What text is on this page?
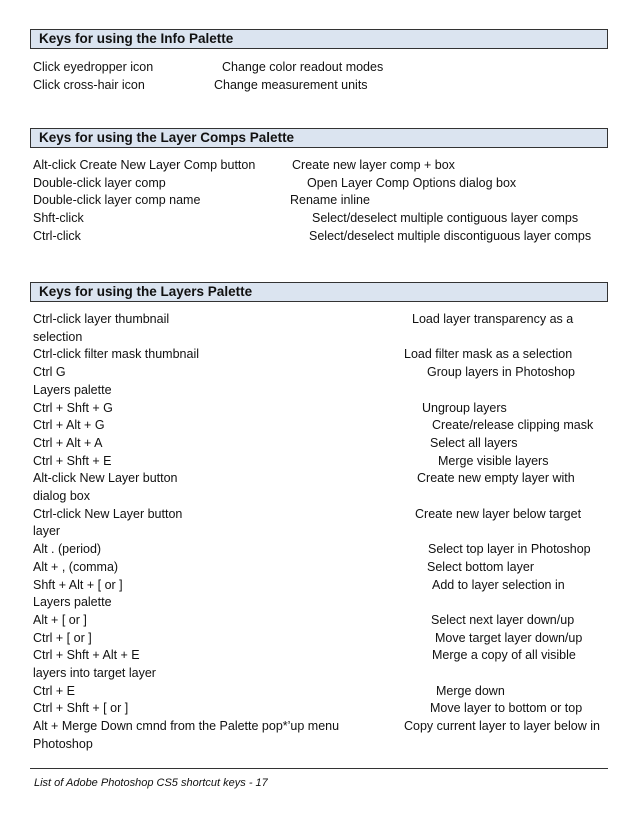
Keys for using the Info Palette
Click eyedropper icon	Change color readout modes
Click cross-hair icon	Change measurement units
Keys for using the Layer Comps Palette
Alt-click Create New Layer Comp button	Create new layer comp + box
Double-click layer comp	Open Layer Comp Options dialog box
Double-click layer comp name	Rename inline
Shft-click	Select/deselect multiple contiguous layer comps
Ctrl-click	Select/deselect multiple discontiguous layer comps
Keys for using the Layers Palette
Ctrl-click layer thumbnail	Load layer transparency as a
selection
Ctrl-click filter mask thumbnail	Load filter mask as a selection
Ctrl G	Group layers in Photoshop
Layers palette
Ctrl + Shft + G	Ungroup layers
Ctrl + Alt + G	Create/release clipping mask
Ctrl + Alt + A	Select all layers
Ctrl + Shft + E	Merge visible layers
Alt-click New Layer button	Create new empty layer with
dialog box
Ctrl-click New Layer button	Create new layer below target
layer
Alt . (period)	Select top layer in Photoshop
Alt + , (comma)	Select bottom layer
Shft + Alt + [ or ]	Add to layer selection in
Layers palette
Alt + [ or ]	Select next layer down/up
Ctrl + [ or ]	Move target layer down/up
Ctrl + Shft + Alt + E	Merge a copy of all visible
layers into target layer
Ctrl + E	Merge down
Ctrl + Shft + [ or ]	Move layer to bottom or top
Alt + Merge Down cmnd from the Palette pop*’up menu	Copy current layer to layer below in
Photoshop
List of Adobe Photoshop CS5 shortcut keys - 17
